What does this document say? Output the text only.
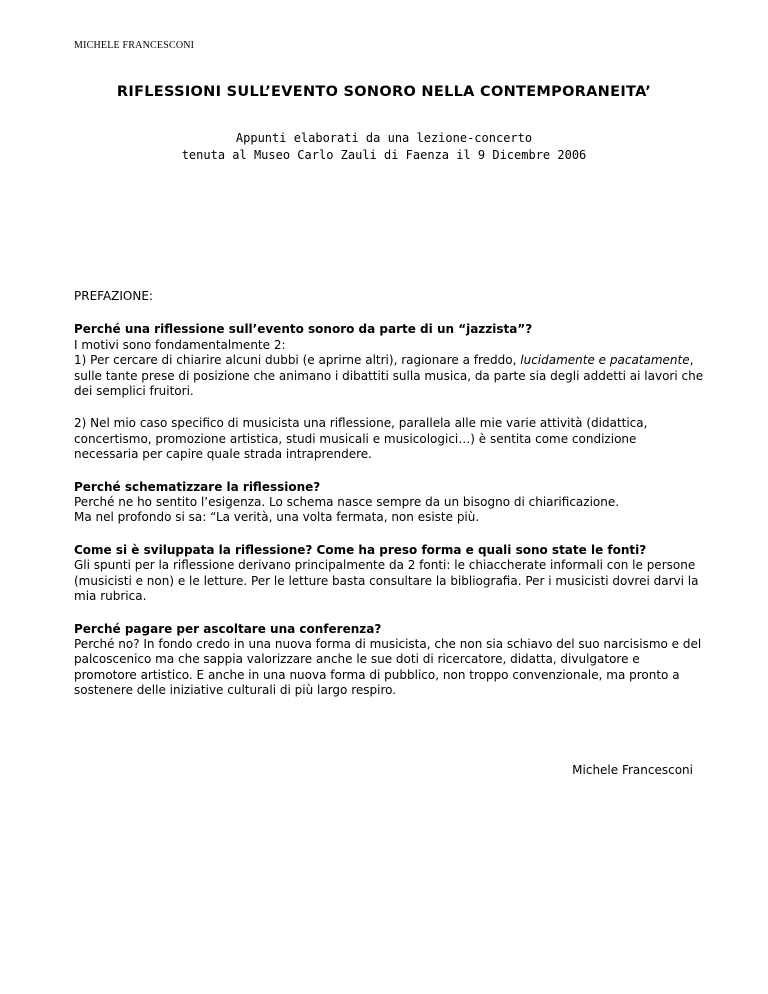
MICHELE FRANCESCONI
RIFLESSIONI SULL’EVENTO SONORO NELLA CONTEMPORANEITA’
Appunti elaborati da una lezione-concerto
tenuta al Museo Carlo Zauli di Faenza il 9 Dicembre 2006

PREFAZIONE:

Perché una riflessione sull’evento sonoro da parte di un “jazzista”?

I motivi sono fondamentalmente 2:

1) Per cercare di chiarire alcuni dubbi (e aprirne altri), ragionare a freddo, lucidamente e pacatamente, sulle tante prese di posizione che animano i dibattiti sulla musica, da parte sia degli addetti ai lavori che dei semplici fruitori.

2) Nel mio caso specifico di musicista una riflessione, parallela alle mie varie attività (didattica, concertismo, promozione artistica, studi musicali e musicologici…) è sentita come condizione necessaria per capire quale strada intraprendere.

Perché schematizzare la riflessione?

Perché ne ho sentito l’esigenza. Lo schema nasce sempre da un bisogno di chiarificazione.

Ma nel profondo si sa: “La verità, una volta fermata, non esiste più.

Come si è sviluppata la riflessione? Come ha preso forma e quali sono state le fonti?

Gli spunti per la riflessione derivano principalmente da 2 fonti: le chiaccherate informali con le persone (musicisti e non) e le letture. Per le letture basta consultare la bibliografia. Per i musicisti dovrei darvi la mia rubrica.

Perché pagare per ascoltare una conferenza?

Perché no? In fondo credo in una nuova forma di musicista, che non sia schiavo del suo narcisismo e del palcoscenico ma che sappia valorizzare anche le sue doti di ricercatore, didatta, divulgatore e promotore artistico. E anche in una nuova forma di pubblico, non troppo convenzionale, ma pronto a sostenere delle iniziative culturali di più largo respiro.

Michele Francesconi
